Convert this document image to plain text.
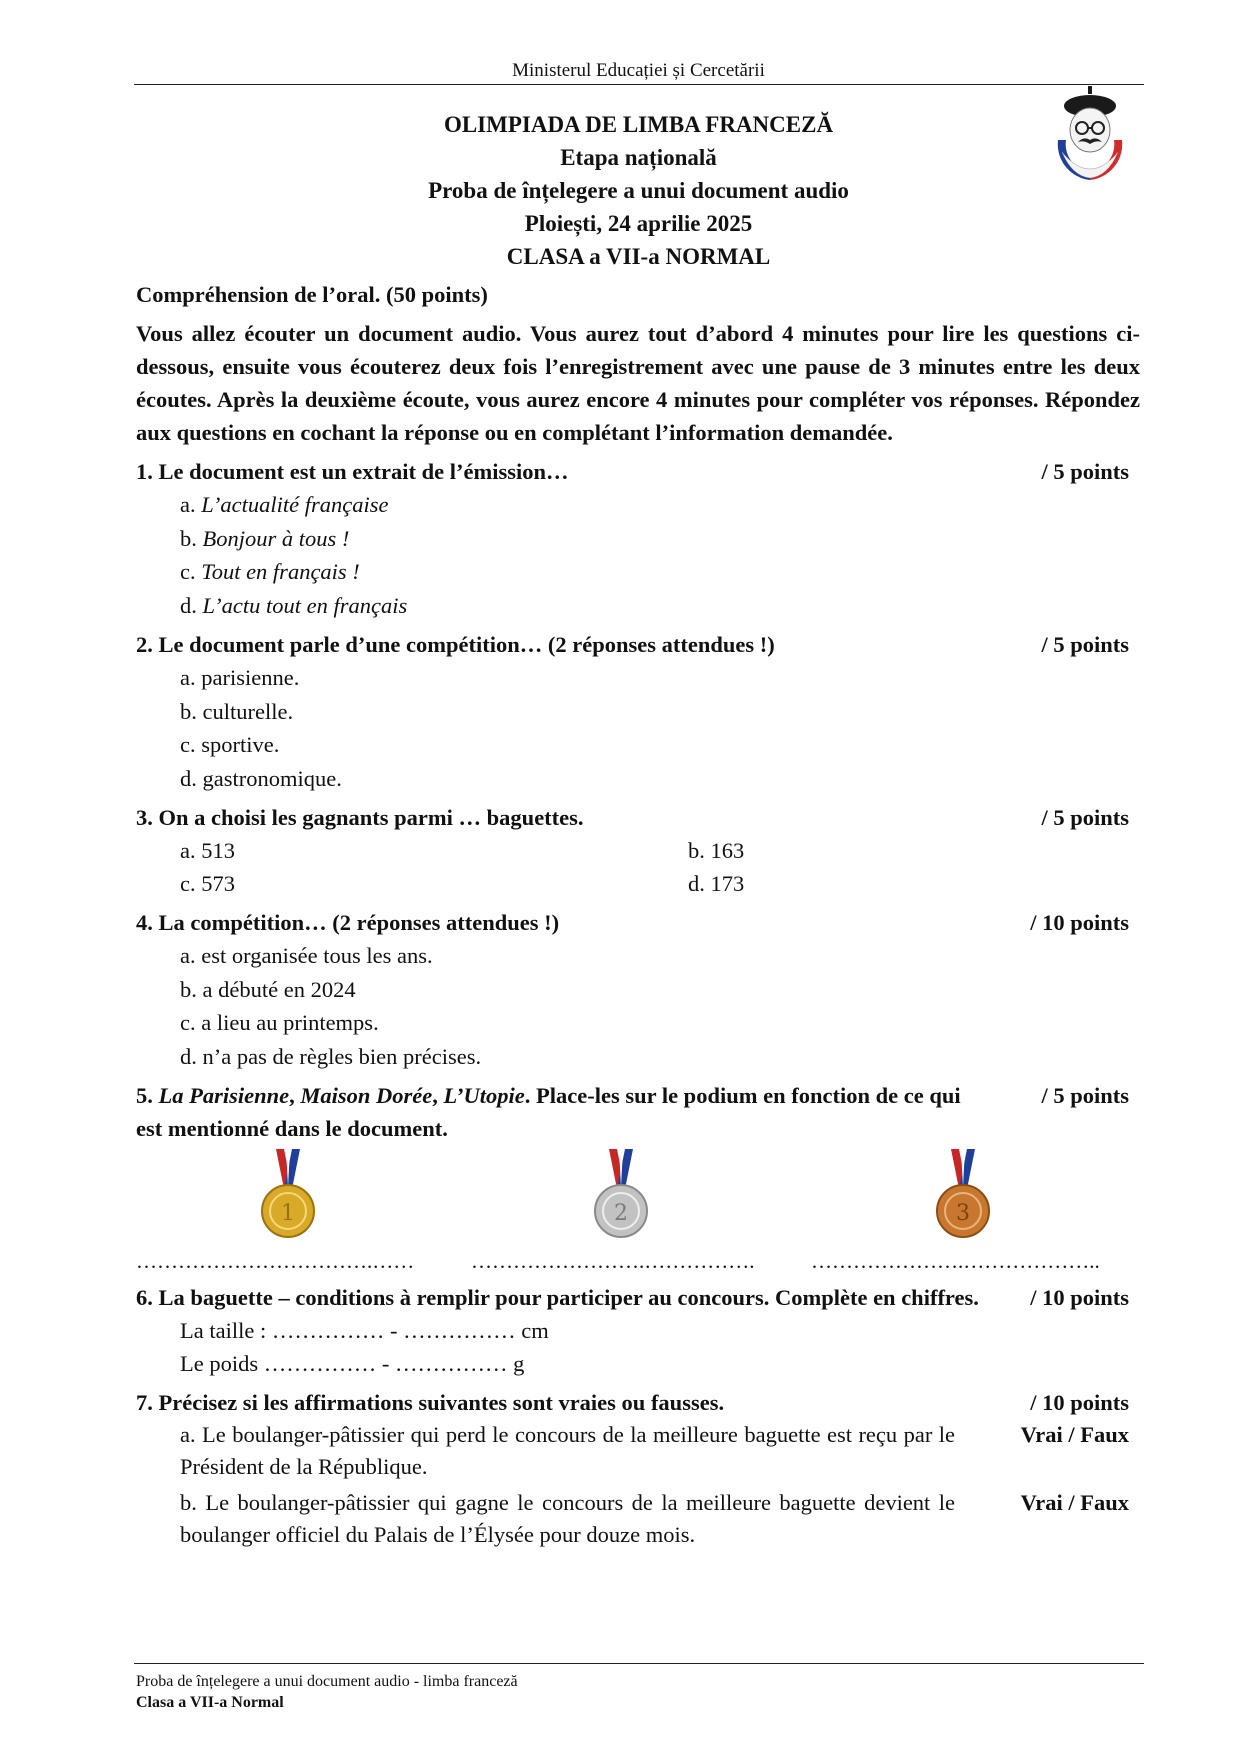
Ministerul Educației și Cercetării
OLIMPIADA DE LIMBA FRANCEZĂ
Etapa națională
Proba de înțelegere a unui document audio
Ploiești, 24 aprilie 2025
CLASA a VII-a NORMAL
Compréhension de l’oral. (50 points)
Vous allez écouter un document audio. Vous aurez tout d’abord 4 minutes pour lire les questions ci-dessous, ensuite vous écouterez deux fois l’enregistrement avec une pause de 3 minutes entre les deux écoutes. Après la deuxième écoute, vous aurez encore 4 minutes pour compléter vos réponses. Répondez aux questions en cochant la réponse ou en complétant l’information demandée.
1. Le document est un extrait de l’émission…	/ 5 points
a. L’actualité française
b. Bonjour à tous !
c. Tout en français !
d. L’actu tout en français
2. Le document parle d’une compétition… (2 réponses attendues !)	/ 5 points
a. parisienne.
b. culturelle.
c. sportive.
d. gastronomique.
3. On a choisi les gagnants parmi … baguettes.	/ 5 points
a. 513	b. 163
c. 573	d. 173
4. La compétition… (2 réponses attendues !)	/ 10 points
a. est organisée tous les ans.
b. a débuté en 2024
c. a lieu au printemps.
d. n’a pas de règles bien précises.
5. La Parisienne, Maison Dorée, L’Utopie. Place-les sur le podium en fonction de ce qui est mentionné dans le document.
/ 5 points
1	2	3
…………………………….……	…………………….…………….	………………….………………..
6. La baguette – conditions à remplir pour participer au concours. Complète en chiffres.	/ 10 points
La taille : …………… - …………… cm
Le poids …………… - …………… g
7. Précisez si les affirmations suivantes sont vraies ou fausses.	/ 10 points
a. Le boulanger-pâtissier qui perd le concours de la meilleure baguette est reçu par le Président de la République.
Vrai / Faux
b. Le boulanger-pâtissier qui gagne le concours de la meilleure baguette devient le boulanger officiel du Palais de l’Élysée pour douze mois.
Vrai / Faux
Proba de înțelegere a unui document audio - limba franceză
Clasa a VII-a Normal
